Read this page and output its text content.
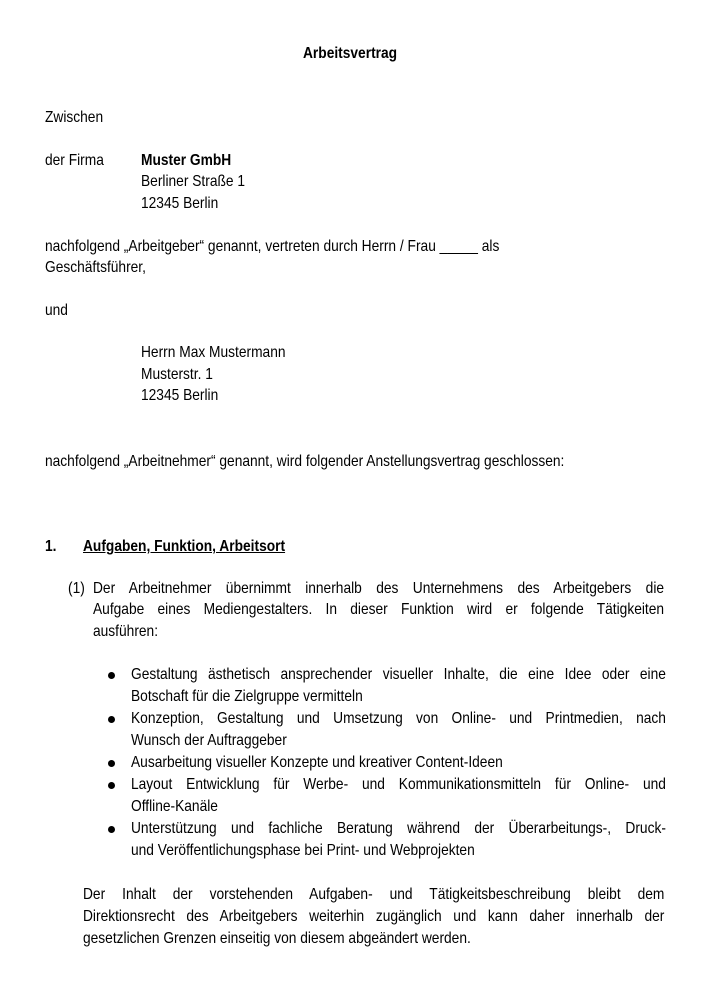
Arbeitsvertrag
Zwischen
der Firma Muster GmbH
Berliner Straße 1
12345 Berlin
nachfolgend „Arbeitgeber“ genannt, vertreten durch Herrn / Frau _____ als
Geschäftsführer,
und
Herrn Max Mustermann
Musterstr. 1
12345 Berlin
nachfolgend „Arbeitnehmer“ genannt, wird folgender Anstellungsvertrag geschlossen:
1. Aufgaben, Funktion, Arbeitsort
(1) Der Arbeitnehmer übernimmt innerhalb des Unternehmens des Arbeitgebers die
Aufgabe eines Mediengestalters. In dieser Funktion wird er folgende Tätigkeiten
ausführen:
Gestaltung ästhetisch ansprechender visueller Inhalte, die eine Idee oder eine
Botschaft für die Zielgruppe vermitteln
Konzeption, Gestaltung und Umsetzung von Online- und Printmedien, nach
Wunsch der Auftraggeber
Ausarbeitung visueller Konzepte und kreativer Content-Ideen
Layout Entwicklung für Werbe- und Kommunikationsmitteln für Online- und
Offline-Kanäle
Unterstützung und fachliche Beratung während der Überarbeitungs-, Druck-
und Veröffentlichungsphase bei Print- und Webprojekten
Der Inhalt der vorstehenden Aufgaben- und Tätigkeitsbeschreibung bleibt dem
Direktionsrecht des Arbeitgebers weiterhin zugänglich und kann daher innerhalb der
gesetzlichen Grenzen einseitig von diesem abgeändert werden.
